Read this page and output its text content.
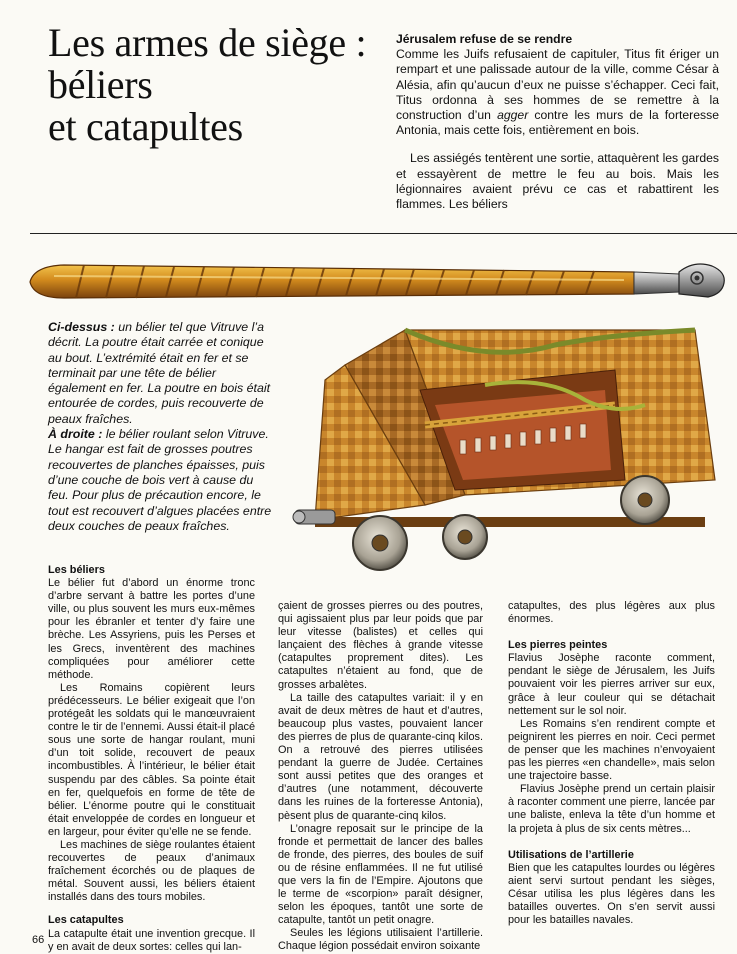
Les armes de siège :
béliers
et catapultes
Jérusalem refuse de se rendre

Comme les Juifs refusaient de capituler, Titus fit ériger un rempart et une palissade autour de la ville, comme César à Alésia, afin qu’aucun d’eux ne puisse s’échapper. Ceci fait, Titus ordonna à ses hommes de se remettre à la construction d’un agger contre les murs de la forteresse Antonia, mais cette fois, entièrement en bois.

Les assiégés tentèrent une sortie, attaquèrent les gardes et essayèrent de mettre le feu au bois. Mais les légionnaires avaient prévu ce cas et rabattirent les flammes. Les béliers

Ci-dessus : un bélier tel que Vitruve l’a décrit. La poutre était carrée et conique au bout. L’extrémité était en fer et se terminait par une tête de bélier également en fer. La poutre en bois était entourée de cordes, puis recouverte de peaux fraîches.

À droite : le bélier roulant selon Vitruve. Le hangar est fait de grosses poutres recouvertes de planches épaisses, puis d’une couche de bois vert à cause du feu. Pour plus de précaution encore, le tout est recouvert d’algues placées entre deux couches de peaux fraîches.

Les béliers

Le bélier fut d’abord un énorme tronc d’arbre servant à battre les portes d’une ville, ou plus souvent les murs eux-mêmes pour les ébranler et tenter d’y faire une brèche. Les Assyriens, puis les Perses et les Grecs, inventèrent des machines compliquées pour améliorer cette méthode.

Les Romains copièrent leurs prédécesseurs. Le bélier exigeait que l’on protégeât les soldats qui le manœuvraient contre le tir de l’ennemi. Aussi était-il placé sous une sorte de hangar roulant, muni d’un toit solide, recouvert de peaux incombustibles. À l’intérieur, le bélier était suspendu par des câbles. Sa pointe était en fer, quelquefois en forme de tête de bélier. L’énorme poutre qui le constituait était enveloppée de cordes en longueur et en largeur, pour éviter qu’elle ne se fende.

Les machines de siège roulantes étaient recouvertes de peaux d’animaux fraîchement écorchés ou de plaques de métal. Souvent aussi, les béliers étaient installés dans des tours mobiles.

Les catapultes

La catapulte était une invention grecque. Il y en avait de deux sortes: celles qui lan-

çaient de grosses pierres ou des poutres, qui agissaient plus par leur poids que par leur vitesse (balistes) et celles qui lançaient des flèches à grande vitesse (catapultes proprement dites). Les catapultes n’étaient au fond, que de grosses arbalètes.

La taille des catapultes variait: il y en avait de deux mètres de haut et d’autres, beaucoup plus vastes, pouvaient lancer des pierres de plus de quarante-cinq kilos. On a retrouvé des pierres utilisées pendant la guerre de Judée. Certaines sont aussi petites que des oranges et d’autres (une notamment, découverte dans les ruines de la forteresse Antonia), pèsent plus de quarante-cinq kilos.

L’onagre reposait sur le principe de la fronde et permettait de lancer des balles de fronde, des pierres, des boules de suif ou de résine enflammées. Il ne fut utilisé que vers la fin de l’Empire. Ajoutons que le terme de «scorpion» paraît désigner, selon les époques, tantôt une sorte de catapulte, tantôt un petit onagre.

Seules les légions utilisaient l’artillerie. Chaque légion possédait environ soixante

catapultes, des plus légères aux plus énormes.

Les pierres peintes

Flavius Josèphe raconte comment, pendant le siège de Jérusalem, les Juifs pouvaient voir les pierres arriver sur eux, grâce à leur couleur qui se détachait nettement sur le sol noir.

Les Romains s’en rendirent compte et peignirent les pierres en noir. Ceci permet de penser que les machines n’envoyaient pas les pierres «en chandelle», mais selon une trajectoire basse.

Flavius Josèphe prend un certain plaisir à raconter comment une pierre, lancée par une baliste, enleva la tête d’un homme et la projeta à plus de six cents mètres...

Utilisations de l’artillerie

Bien que les catapultes lourdes ou légères aient servi surtout pendant les sièges, César utilisa les plus légères dans les batailles ouvertes. On s’en servit aussi pour les batailles navales.

66
